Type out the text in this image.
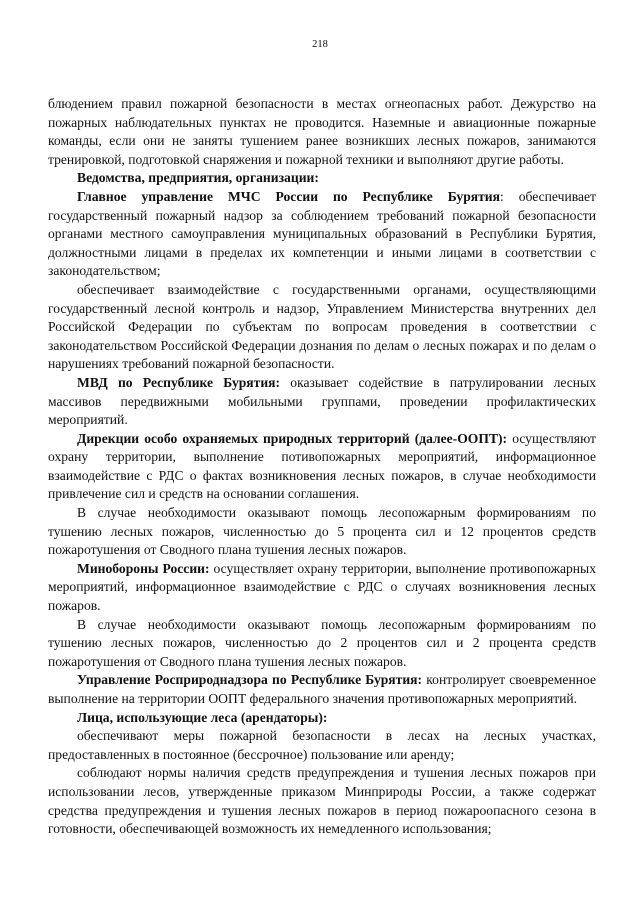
218

блюдением правил пожарной безопасности в местах огнеопасных работ. Дежурство на пожарных наблюдательных пунктах не проводится. Наземные и авиационные пожарные команды, если они не заняты тушением ранее возникших лесных пожаров, занимаются тренировкой, подготовкой снаряжения и пожарной техники и выполняют другие работы.

Ведомства, предприятия, организации:

Главное управление МЧС России по Республике Бурятия: обеспечивает государственный пожарный надзор за соблюдением требований пожарной безопасности органами местного самоуправления муниципальных образований в Республики Бурятия, должностными лицами в пределах их компетенции и иными лицами в соответствии с законодательством;

обеспечивает взаимодействие с государственными органами, осуществляющими государственный лесной контроль и надзор, Управлением Министерства внутренних дел Российской Федерации по субъектам по вопросам проведения в соответствии с законодательством Российской Федерации дознания по делам о лесных пожарах и по делам о нарушениях требований пожарной безопасности.

МВД по Республике Бурятия: оказывает содействие в патрулировании лесных массивов передвижными мобильными группами, проведении профилактических мероприятий.

Дирекции особо охраняемых природных территорий (далее-ООПТ): осуществляют охрану территории, выполнение потивопожарных мероприятий, информационное взаимодействие с РДС о фактах возникновения лесных пожаров, в случае необходимости привлечение сил и средств на основании соглашения.

В случае необходимости оказывают помощь лесопожарным формированиям по тушению лесных пожаров, численностью до 5 процента сил и 12 процентов средств пожаротушения от Сводного плана тушения лесных пожаров.

Минобороны России: осуществляет охрану территории, выполнение противопожарных мероприятий, информационное взаимодействие с РДС о случаях возникновения лесных пожаров.

В случае необходимости оказывают помощь лесопожарным формированиям по тушению лесных пожаров, численностью до 2 процентов сил и 2 процента средств пожаротушения от Сводного плана тушения лесных пожаров.

Управление Росприроднадзора по Республике Бурятия: контролирует своевременное выполнение на территории ООПТ федерального значения противопожарных мероприятий.

Лица, использующие леса (арендаторы):

обеспечивают меры пожарной безопасности в лесах на лесных участках, предоставленных в постоянное (бессрочное) пользование или аренду;

соблюдают нормы наличия средств предупреждения и тушения лесных пожаров при использовании лесов, утвержденные приказом Минприроды России, а также содержат средства предупреждения и тушения лесных пожаров в период пожароопасного сезона в готовности, обеспечивающей возможность их немедленного использования;
